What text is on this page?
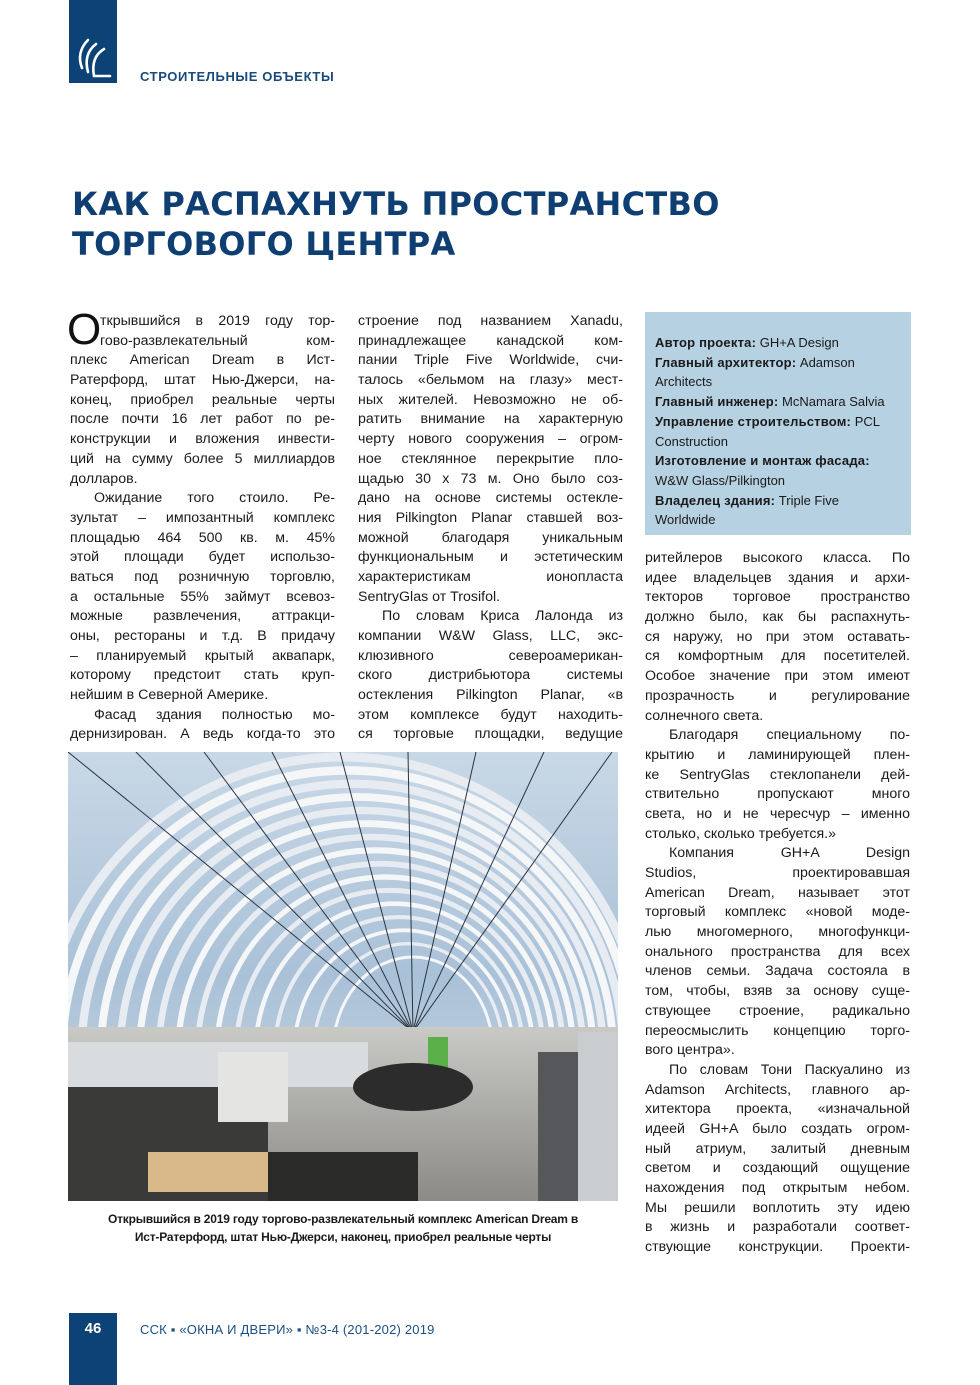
СТРОИТЕЛЬНЫЕ ОБЪЕКТЫ
КАК РАСПАХНУТЬ ПРОСТРАНСТВО
ТОРГОВОГО ЦЕНТРА
О
ткрывшийся в 2019 году тор-
гово-развлекательный ком-
плекс American Dream в Ист-
Ратерфорд, штат Нью-Джерси, на-
конец, приобрел реальные черты
после почти 16 лет работ по ре-
конструкции и вложения инвести-
ций на сумму более 5 миллиардов
долларов.
Ожидание того стоило. Ре-
зультат – импозантный комплекс
площадью 464 500 кв. м. 45%
этой площади будет использо-
ваться под розничную торговлю,
а остальные 55% займут всевоз-
можные развлечения, аттракци-
оны, рестораны и т.д. В придачу
– планируемый крытый аквапарк,
которому предстоит стать круп-
нейшим в Северной Америке.
Фасад здания полностью мо-
дернизирован. А ведь когда-то это
строение под названием Xanadu,
принадлежащее канадской ком-
пании Triple Five Worldwide, счи-
талось «бельмом на глазу» мест-
ных жителей. Невозможно не об-
ратить внимание на характерную
черту нового сооружения – огром-
ное стеклянное перекрытие пло-
щадью 30 х 73 м. Оно было соз-
дано на основе системы остекле-
ния Pilkington Planar ставшей воз-
можной благодаря уникальным
функциональным и эстетическим
характеристикам ионопласта
SentryGlas от Trosifol.
По словам Криса Лалонда из
компании W&W Glass, LLC, экс-
клюзивного североамерикан-
ского дистрибьютора системы
остекления Pilkington Planar, «в
этом комплексе будут находить-
ся торговые площадки, ведущие
Автор проекта: GH+A Design
Главный архитектор: Adamson Architects
Главный инженер: McNamara Salvia
Управление строительством: PCL Construction
Изготовление и монтаж фасада: W&W Glass/Pilkington
Владелец здания: Triple Five Worldwide
ритейлеров высокого класса. По
идее владельцев здания и архи-
текторов торговое пространство
должно было, как бы распахнуть-
ся наружу, но при этом оставать-
ся комфортным для посетителей.
Особое значение при этом имеют
прозрачность и регулирование
солнечного света.
Благодаря специальному по-
крытию и ламинирующей плен-
ке SentryGlas стеклопанели дей-
ствительно пропускают много
света, но и не чересчур – именно
столько, сколько требуется.»
Компания GH+A Design
Studios, проектировавшая
American Dream, называет этот
торговый комплекс «новой моде-
лью многомерного, многофункци-
онального пространства для всех
членов семьи. Задача состояла в
том, чтобы, взяв за основу суще-
ствующее строение, радикально
переосмыслить концепцию торго-
вого центра».
По словам Тони Паскуалино из
Adamson Architects, главного ар-
хитектора проекта, «изначальной
идеей GH+A было создать огром-
ный атриум, залитый дневным
светом и создающий ощущение
нахождения под открытым небом.
Мы решили воплотить эту идею
в жизнь и разработали соответ-
ствующие конструкции. Проекти-
Открывшийся в 2019 году торгово-развлекательный комплекс American Dream в
Ист-Ратерфорд, штат Нью-Джерси, наконец, приобрел реальные черты
46	ССК ▪ «ОКНА И ДВЕРИ» ▪ №3-4 (201-202) 2019
